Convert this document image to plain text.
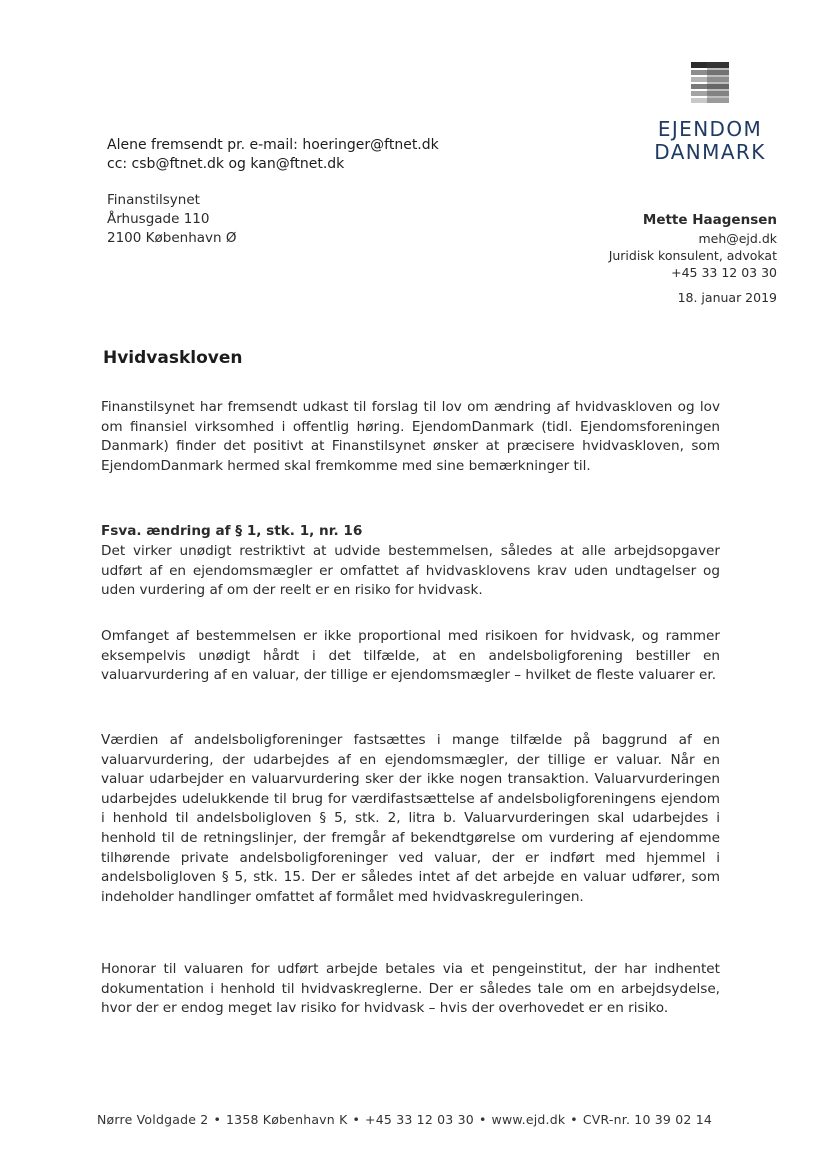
EJENDOM
DANMARK
Alene fremsendt pr. e-mail: hoeringer@ftnet.dk
cc: csb@ftnet.dk og kan@ftnet.dk
Finanstilsynet
Århusgade 110
2100 København Ø
Mette Haagensen
meh@ejd.dk
Juridisk konsulent, advokat
+45 33 12 03 30
18. januar 2019
Hvidvaskloven
Finanstilsynet har fremsendt udkast til forslag til lov om ændring af hvidvaskloven og lov om finansiel virksomhed i offentlig høring. EjendomDanmark (tidl. Ejendomsforeningen Danmark) finder det positivt at Finanstilsynet ønsker at præcisere hvidvaskloven, som EjendomDanmark hermed skal fremkomme med sine bemærkninger til.
Fsva. ændring af § 1, stk. 1, nr. 16
Det virker unødigt restriktivt at udvide bestemmelsen, således at alle arbejdsopgaver udført af en ejendomsmægler er omfattet af hvidvasklovens krav uden undtagelser og uden vurdering af om der reelt er en risiko for hvidvask.
Omfanget af bestemmelsen er ikke proportional med risikoen for hvidvask, og rammer eksempelvis unødigt hårdt i det tilfælde, at en andelsboligforening bestiller en valuarvurdering af en valuar, der tillige er ejendomsmægler – hvilket de fleste valuarer er.
Værdien af andelsboligforeninger fastsættes i mange tilfælde på baggrund af en valuarvurdering, der udarbejdes af en ejendomsmægler, der tillige er valuar. Når en valuar udarbejder en valuarvurdering sker der ikke nogen transaktion. Valuarvurderingen udarbejdes udelukkende til brug for værdifastsættelse af andelsboligforeningens ejendom i henhold til andelsboligloven § 5, stk. 2, litra b. Valuarvurderingen skal udarbejdes i henhold til de retningslinjer, der fremgår af bekendtgørelse om vurdering af ejendomme tilhørende private andelsboligforeninger ved valuar, der er indført med hjemmel i andelsboligloven § 5, stk. 15. Der er således intet af det arbejde en valuar udfører, som indeholder handlinger omfattet af formålet med hvidvaskreguleringen.
Honorar til valuaren for udført arbejde betales via et pengeinstitut, der har indhentet dokumentation i henhold til hvidvaskreglerne. Der er således tale om en arbejdsydelse, hvor der er endog meget lav risiko for hvidvask – hvis der overhovedet er en risiko.
Nørre Voldgade 2 • 1358 København K • +45 33 12 03 30 • www.ejd.dk • CVR-nr. 10 39 02 14
